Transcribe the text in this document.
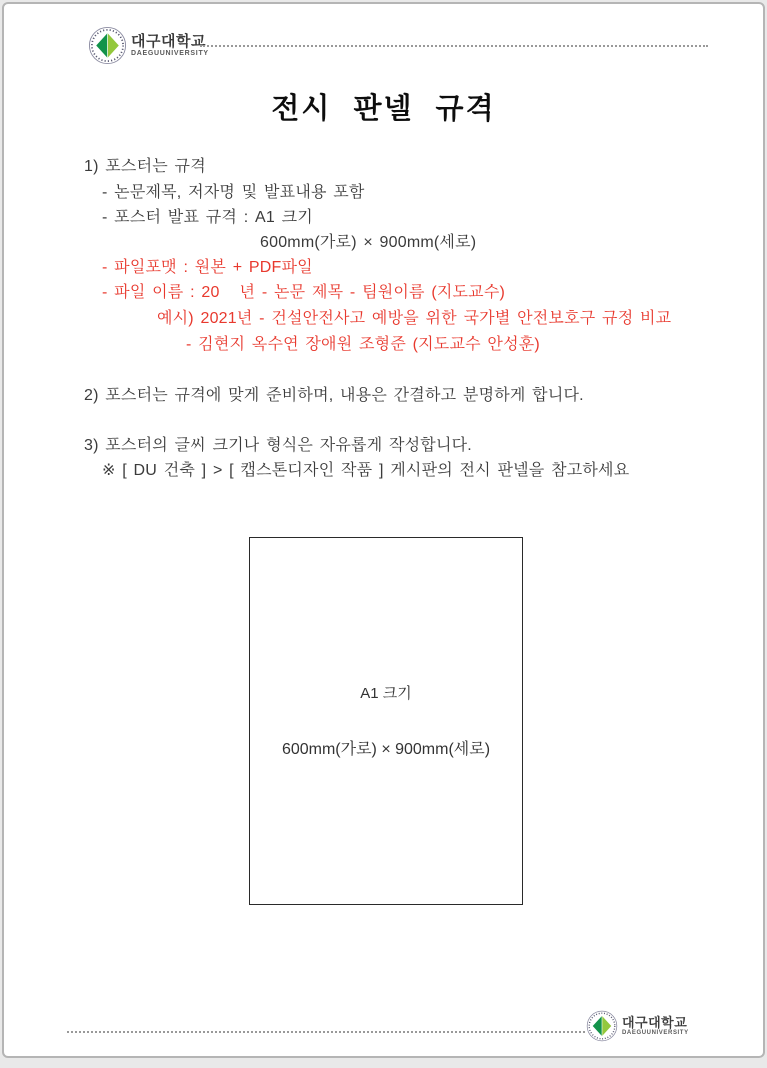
대구대학교
DAEGUUNIVERSITY
전시 판넬 규격
1) 포스터는 규격
- 논문제목, 저자명 및 발표내용 포함
- 포스터 발표 규격 : A1 크기
600mm(가로) × 900mm(세로)
- 파일포맷 : 원본 + PDF파일
- 파일 이름 : 20   년 - 논문 제목 - 팀원이름 (지도교수)
예시) 2021년 - 건설안전사고 예방을 위한 국가별 안전보호구 규정 비교
- 김현지 옥수연 장애원 조형준 (지도교수 안성훈)
2) 포스터는 규격에 맞게 준비하며, 내용은 간결하고 분명하게 합니다.
3) 포스터의 글씨 크기나 형식은 자유롭게 작성합니다.
※ [ DU 건축 ] > [ 캡스톤디자인 작품 ] 게시판의 전시 판넬을 참고하세요
A1 크기
600mm(가로) × 900mm(세로)
대구대학교
DAEGUUNIVERSITY
